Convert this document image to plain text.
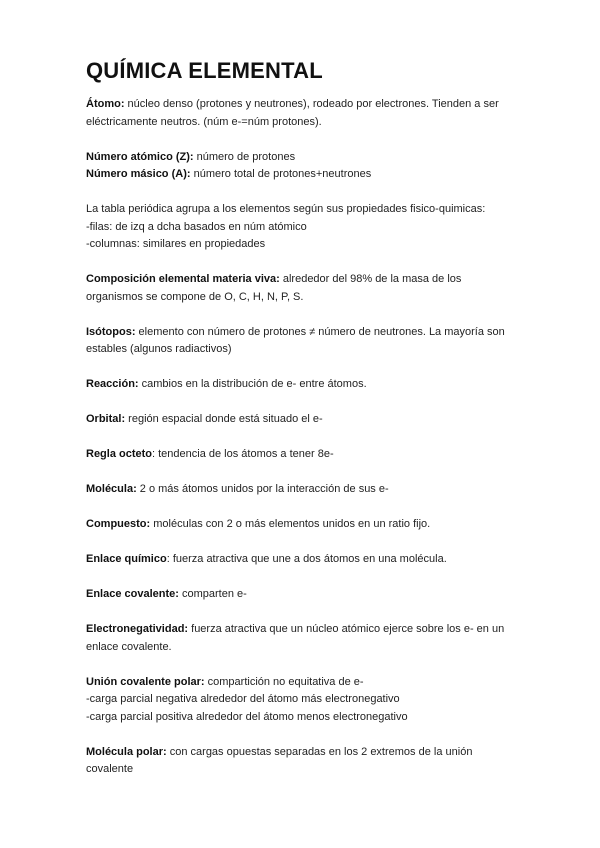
QUÍMICA ELEMENTAL

Átomo: núcleo denso (protones y neutrones), rodeado por electrones. Tienden a ser
eléctricamente neutros. (núm e-=núm protones).

Número atómico (Z): número de protones

Número másico (A): número total de protones+neutrones

La tabla periódica agrupa a los elementos según sus propiedades fisico-quimicas:
-filas: de izq a dcha basados en núm atómico
-columnas: similares en propiedades

Composición elemental materia viva: alrededor del 98% de la masa de los
organismos se compone de O, C, H, N, P, S.

Isótopos: elemento con número de protones ≠ número de neutrones. La mayoría son
estables (algunos radiactivos)

Reacción: cambios en la distribución de e- entre átomos.

Orbital: región espacial donde está situado el e-

Regla octeto: tendencia de los átomos a tener 8e-

Molécula: 2 o más átomos unidos por la interacción de sus e-

Compuesto: moléculas con 2 o más elementos unidos en un ratio fijo.

Enlace químico: fuerza atractiva que une a dos átomos en una molécula.

Enlace covalente: comparten e-

Electronegatividad: fuerza atractiva que un núcleo atómico ejerce sobre los e- en un
enlace covalente.

Unión covalente polar: compartición no equitativa de e-
-carga parcial negativa alrededor del átomo más electronegativo
-carga parcial positiva alrededor del átomo menos electronegativo

Molécula polar: con cargas opuestas separadas en los 2 extremos de la unión
covalente
